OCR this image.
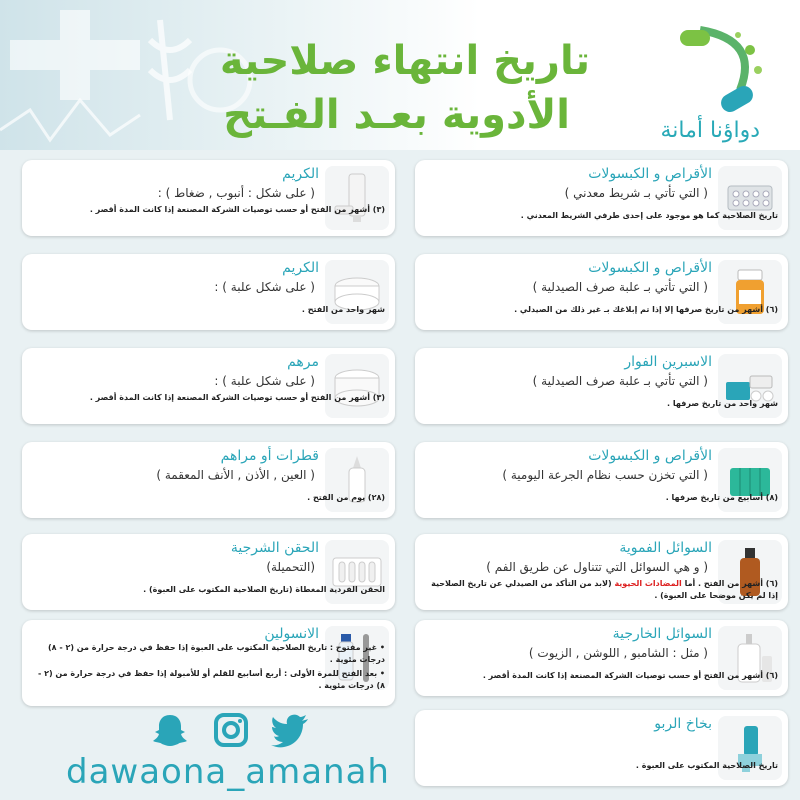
تاريخ انتهاء صلاحية
الأدوية بعـد الفـتح	دواؤنا أمانة
الأقراص و الكبسولات
( التي تأتي بـ شريط معدني )
تاريخ الصلاحية كما هو موجود على إحدى طرفي الشريط المعدني .
الأقراص و الكبسولات
( التي تأتي بـ علبة صرف الصيدلية )
(٦) أشهر من تاريخ صرفها إلا إذا تم إبلاغك بـ غير ذلك من الصيدلي .
الاسبرين الفوار
( التي تأتي بـ علبة صرف الصيدلية )
شهر واحد من تاريخ صرفها .
الأقراص و الكبسولات
( التي تخزن حسب نظام الجرعة اليومية )
(٨) أسابيع من تاريخ صرفها .
السوائل الفموية
( و هي السوائل التي تتناول عن طريق الفم )
(٦) أشهر من الفتح . أما المضادات الحيوية (لابد من التأكد من الصيدلي عن تاريخ الصلاحية إذا لم يكن موضحا على العبوة) .
السوائل الخارجية
( مثل : الشامبو , اللوشن , الزيوت )
(٦) أشهر من الفتح أو حسب توصيات الشركة المصنعة إذا كانت المدة أقصر .
بخاخ الربو
تاريخ الصلاحية المكتوب على العبوة .
الكريم
( على شكل : أنبوب , ضغاط ) :
(٣) أشهر من الفتح أو حسب توصيات الشركة المصنعة إذا كانت المدة أقصر .
الكريم
( على شكل علبة ) :
شهر واحد من الفتح .
مرهم
( على شكل علبة ) :
(٣) أشهر من الفتح أو حسب توصيات الشركة المصنعة إذا كانت المدة أقصر .
قطرات أو مراهم
( العين , الأذن , الأنف المعقمة )
(٢٨) يوم من الفتح .
الحقن الشرجية
(التحميلة)
الحقن الفردية المغطاة (تاريخ الصلاحية المكتوب على العبوة) .
الانسولين
• غير مفتوح : تاريخ الصلاحية المكتوب على العبوة إذا حفظ في درجة حرارة من (٢ - ٨) درجات مئوية .
• بعد الفتح للمرة الأولى : أربع أسابيع للقلم أو للأمبولة إذا حفظ في درجة حرارة من (٢ - ٨) درجات مئوية .
dawaona_amanah
